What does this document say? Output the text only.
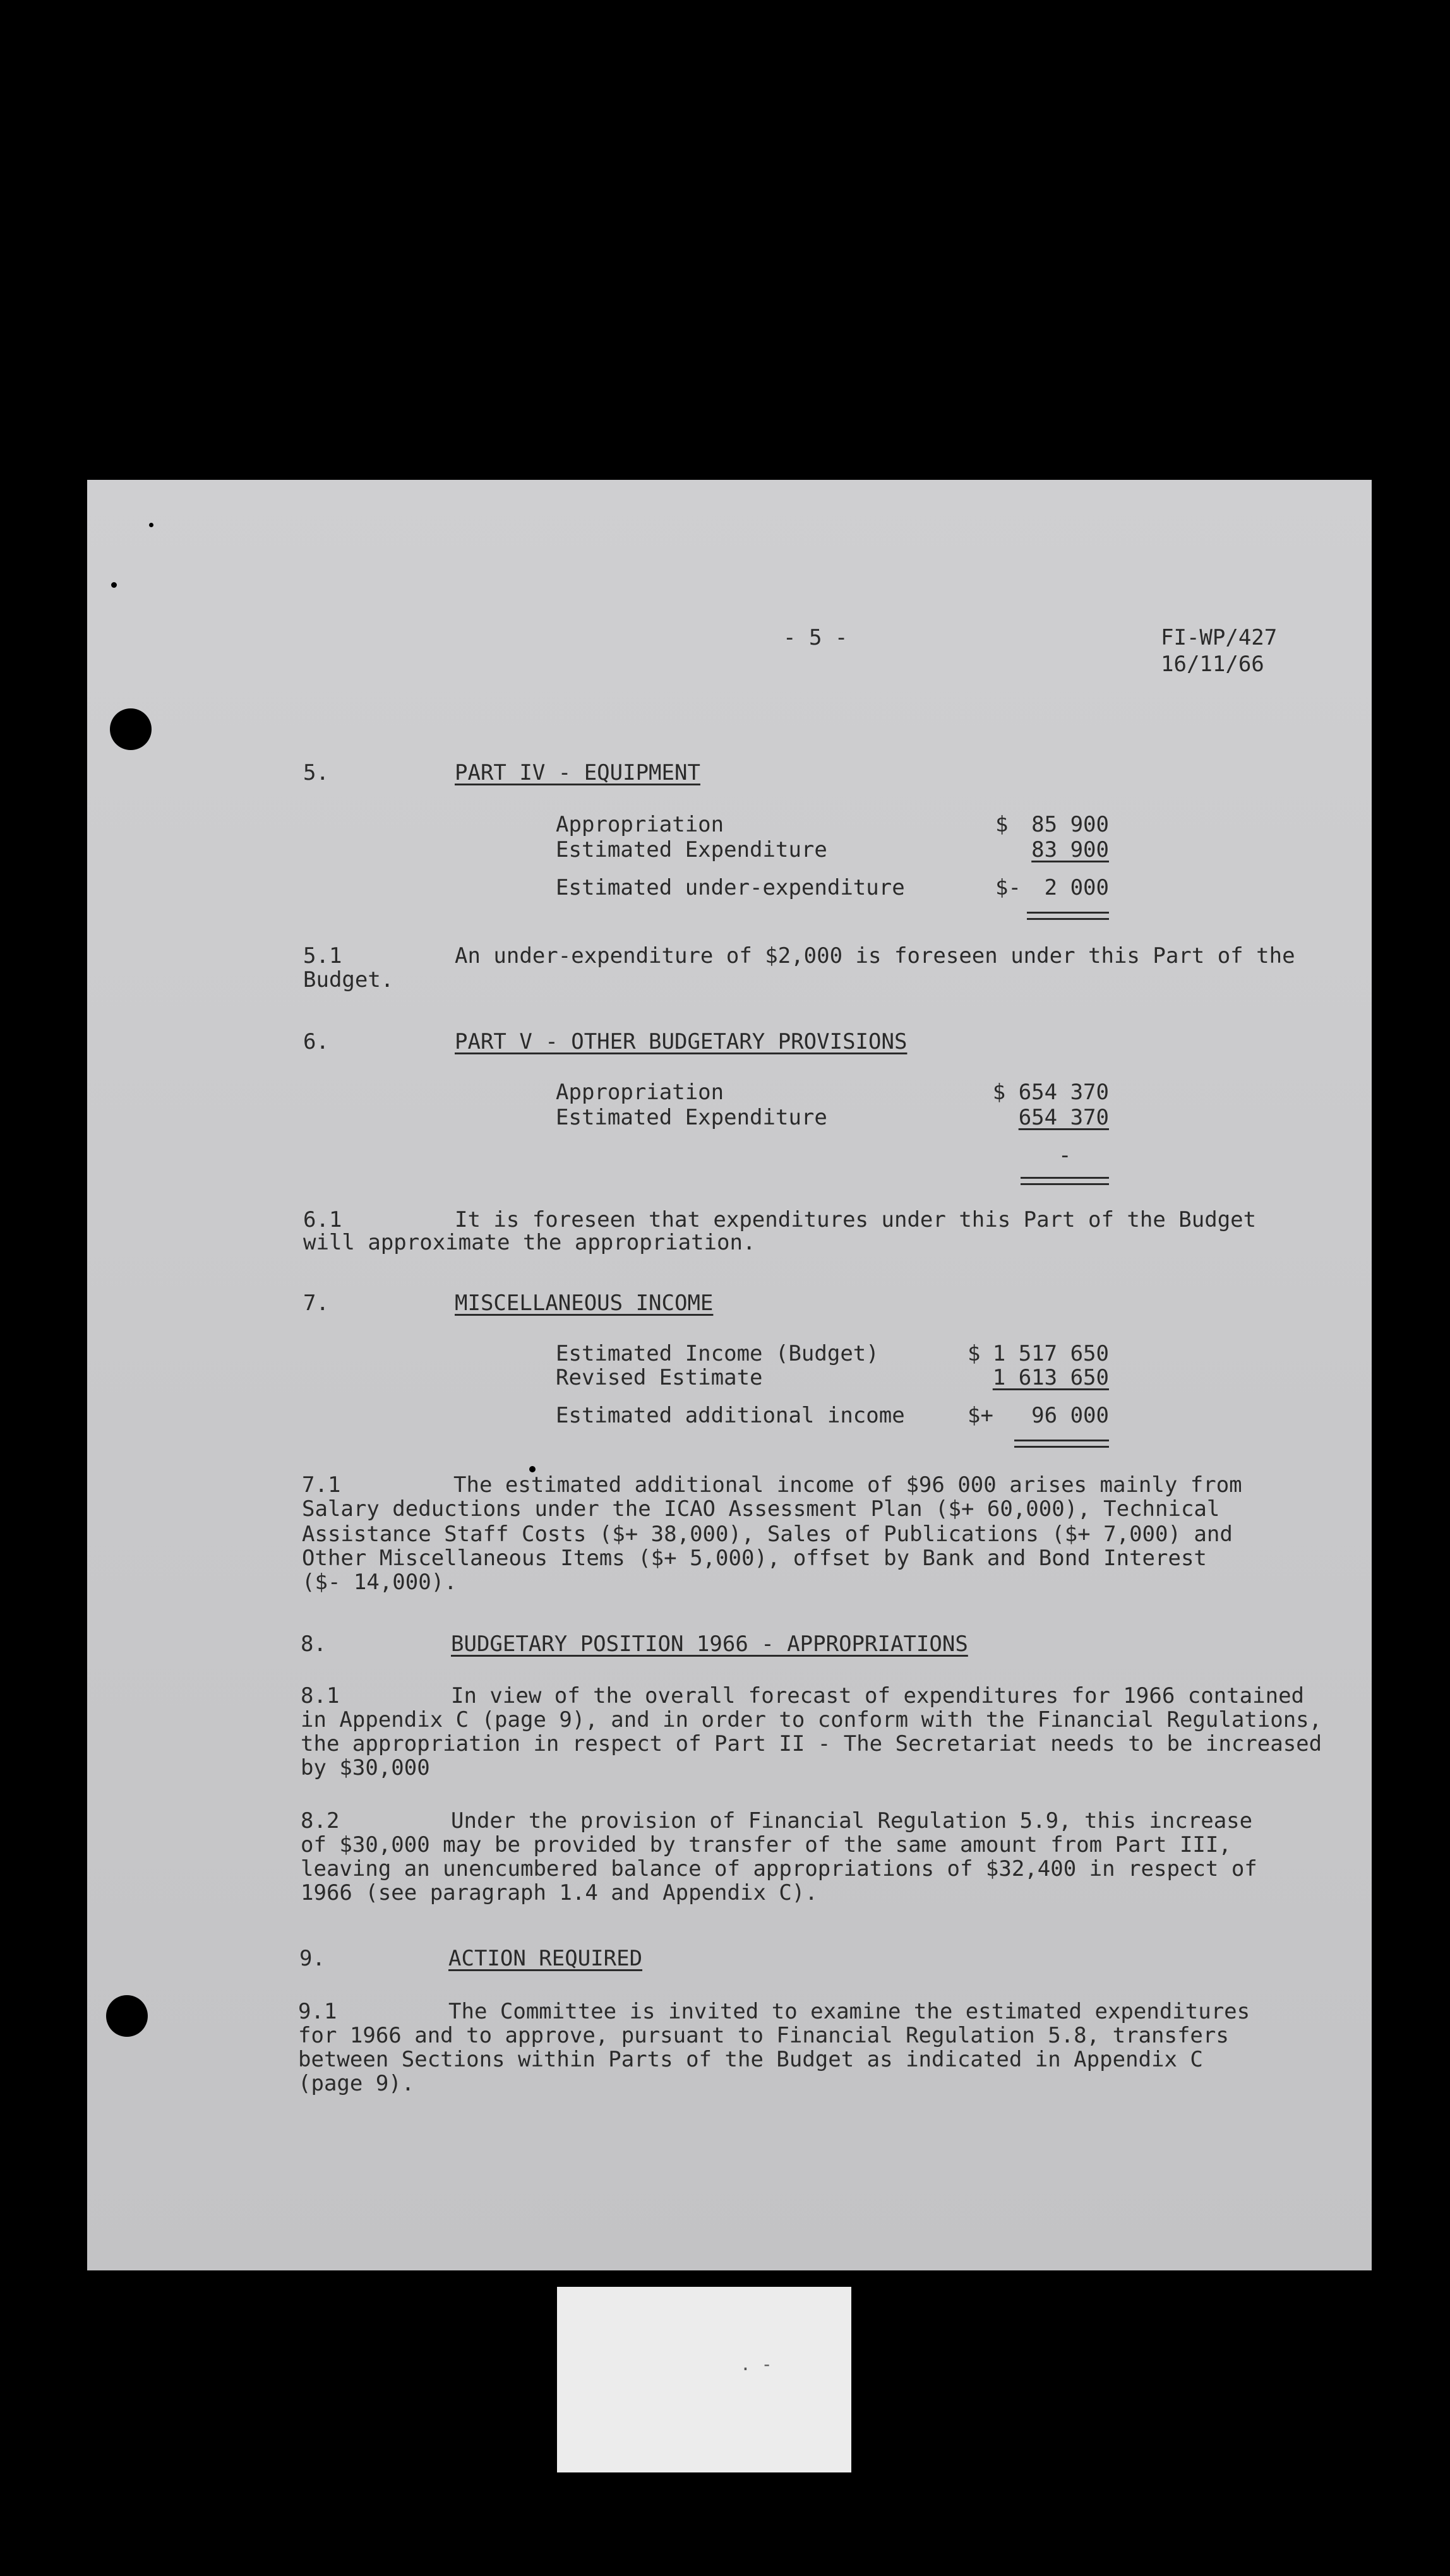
- 5 -	FI-WP/427
16/11/66
5.	PART IV - EQUIPMENT
Appropriation	$ 85 900
Estimated Expenditure	83 900
Estimated under-expenditure	$- 2 000
5.1	An under-expenditure of $2,000 is foreseen under this Part of the
Budget.
6.	PART V - OTHER BUDGETARY PROVISIONS
Appropriation	$ 654 370
Estimated Expenditure	654 370
-
6.1	It is foreseen that expenditures under this Part of the Budget
will approximate the appropriation.
7.	MISCELLANEOUS INCOME
Estimated Income (Budget)	$ 1 517 650
Revised Estimate	1 613 650
Estimated additional income	$+ 96 000
7.1	The estimated additional income of $96 000 arises mainly from
Salary deductions under the ICAO Assessment Plan ($+ 60,000), Technical
Assistance Staff Costs ($+ 38,000), Sales of Publications ($+ 7,000) and
Other Miscellaneous Items ($+ 5,000), offset by Bank and Bond Interest
($- 14,000).
8.	BUDGETARY POSITION 1966 - APPROPRIATIONS
8.1	In view of the overall forecast of expenditures for 1966 contained
in Appendix C (page 9), and in order to conform with the Financial Regulations,
the appropriation in respect of Part II - The Secretariat needs to be increased
by $30,000
8.2	Under the provision of Financial Regulation 5.9, this increase
of $30,000 may be provided by transfer of the same amount from Part III,
leaving an unencumbered balance of appropriations of $32,400 in respect of
1966 (see paragraph 1.4 and Appendix C).
9.	ACTION REQUIRED
9.1	The Committee is invited to examine the estimated expenditures
for 1966 and to approve, pursuant to Financial Regulation 5.8, transfers
between Sections within Parts of the Budget as indicated in Appendix C
(page 9).
. -
